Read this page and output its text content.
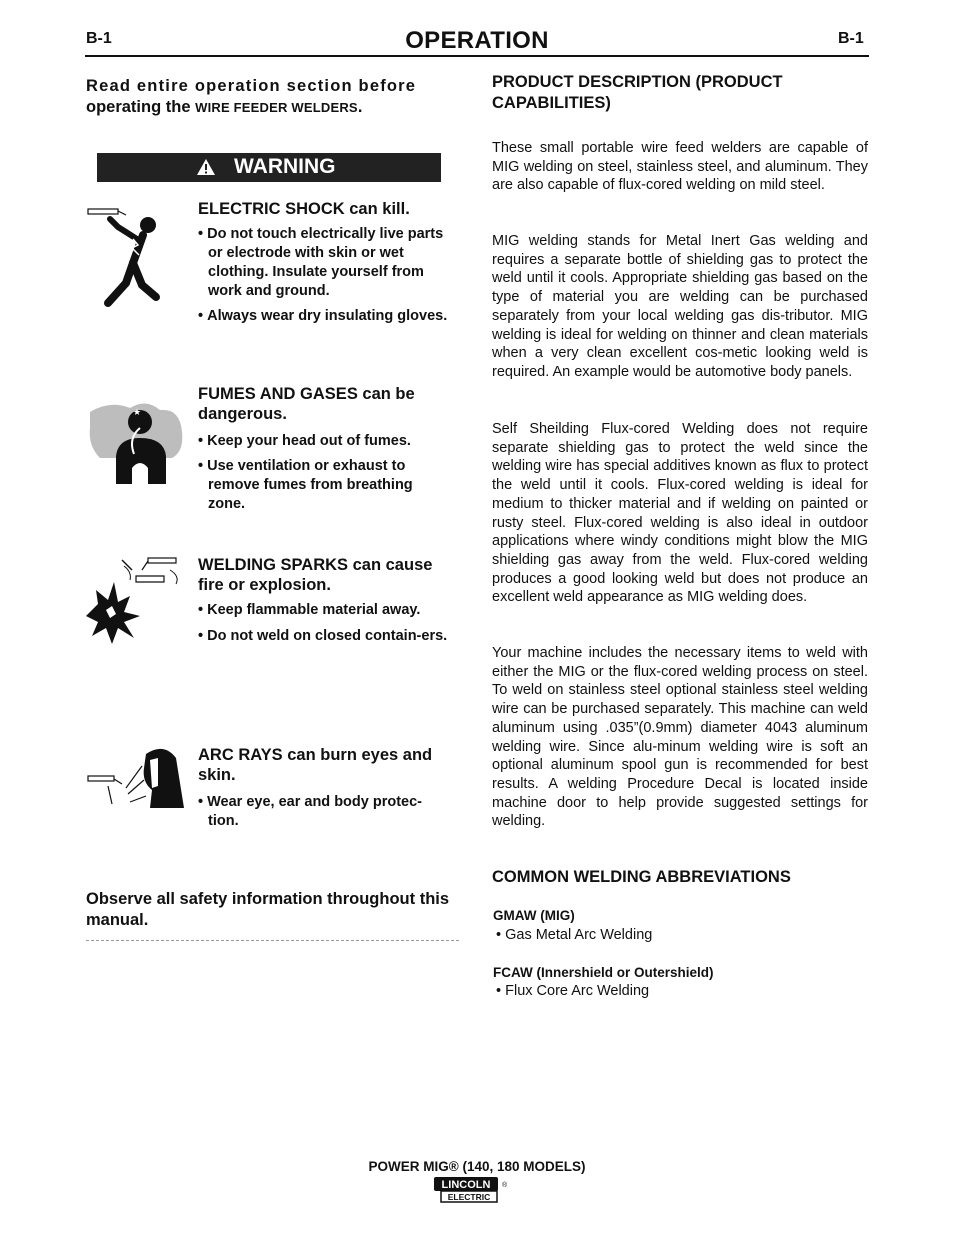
B-1	OPERATION	B-1
Read entire operation section before
operating the WIRE FEEDER WELDERS.
WARNING
ELECTRIC SHOCK can kill.
• Do not touch electrically live parts or electrode with skin or wet clothing. Insulate yourself from work and ground.
• Always wear dry insulating gloves.
★
FUMES AND GASES can be dangerous.
• Keep your head out of fumes.
• Use ventilation or exhaust to remove fumes from breathing zone.
WELDING SPARKS can cause fire or explosion.
• Keep flammable material away.
• Do not weld on closed contain-ers.
ARC RAYS can burn eyes and skin.
• Wear eye, ear and body protec-tion.
Observe all safety information throughout this manual.
PRODUCT DESCRIPTION (PRODUCT CAPABILITIES)
These small portable wire feed welders are capable of MIG welding on steel, stainless steel, and aluminum. They are also capable of flux-cored welding on mild steel.
MIG welding stands for Metal Inert Gas welding and requires a separate bottle of shielding gas to protect the weld until it cools. Appropriate shielding gas based on the type of material you are welding can be purchased separately from your local welding gas dis-tributor. MIG welding is ideal for welding on thinner and clean materials when a very clean excellent cos-metic looking weld is required. An example would be automotive body panels.
Self Sheilding Flux-cored Welding does not require separate shielding gas to protect the weld since the welding wire has special additives known as flux to protect the weld until it cools. Flux-cored welding is ideal for medium to thicker material and if welding on painted or rusty steel. Flux-cored welding is also ideal in outdoor applications where windy conditions might blow the MIG shielding gas away from the weld. Flux-cored welding produces a good looking weld but does not produce an excellent weld appearance as MIG welding does.
Your machine includes the necessary items to weld with either the MIG or the flux-cored welding process on steel. To weld on stainless steel optional stainless steel welding wire can be purchased separately. This machine can weld aluminum using .035”(0.9mm) diameter 4043 aluminum welding wire. Since alu-minum welding wire is soft an optional aluminum spool gun is recommended for best results. A welding Procedure Decal is located inside machine door to help provide suggested settings for welding.
COMMON WELDING ABBREVIATIONS
GMAW (MIG)
• Gas Metal Arc Welding
FCAW (Innershield or Outershield)
• Flux Core Arc Welding
POWER MIG® (140, 180 MODELS)
LINCOLN
ELECTRIC
®
